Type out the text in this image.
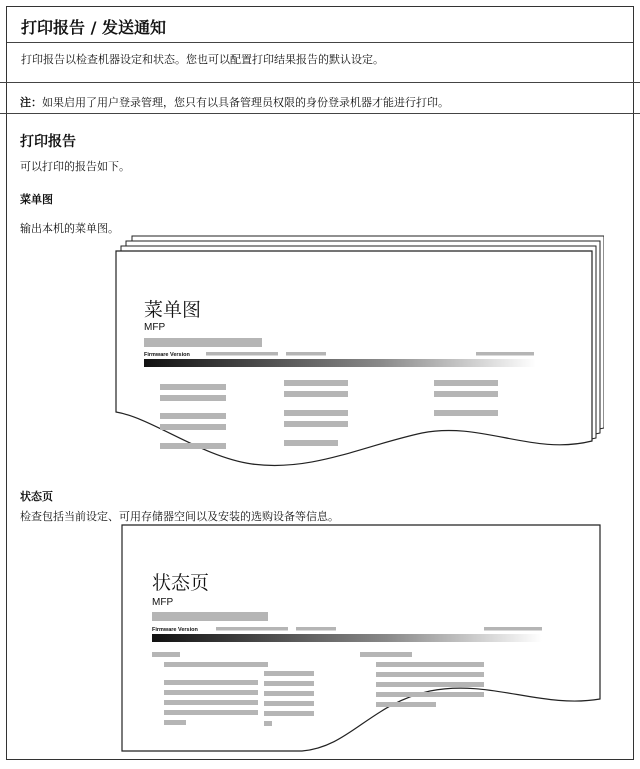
打印报告 / 发送通知
打印报告以检查机器设定和状态。您也可以配置打印结果报告的默认设定。
注：如果启用了用户登录管理，您只有以具备管理员权限的身份登录机器才能进行打印。
打印报告
可以打印的报告如下。
菜单图
输出本机的菜单图。
菜单图
MFP
Firmware Version
状态页
检查包括当前设定、可用存储器空间以及安装的选购设备等信息。
状态页
MFP
Firmware Version
